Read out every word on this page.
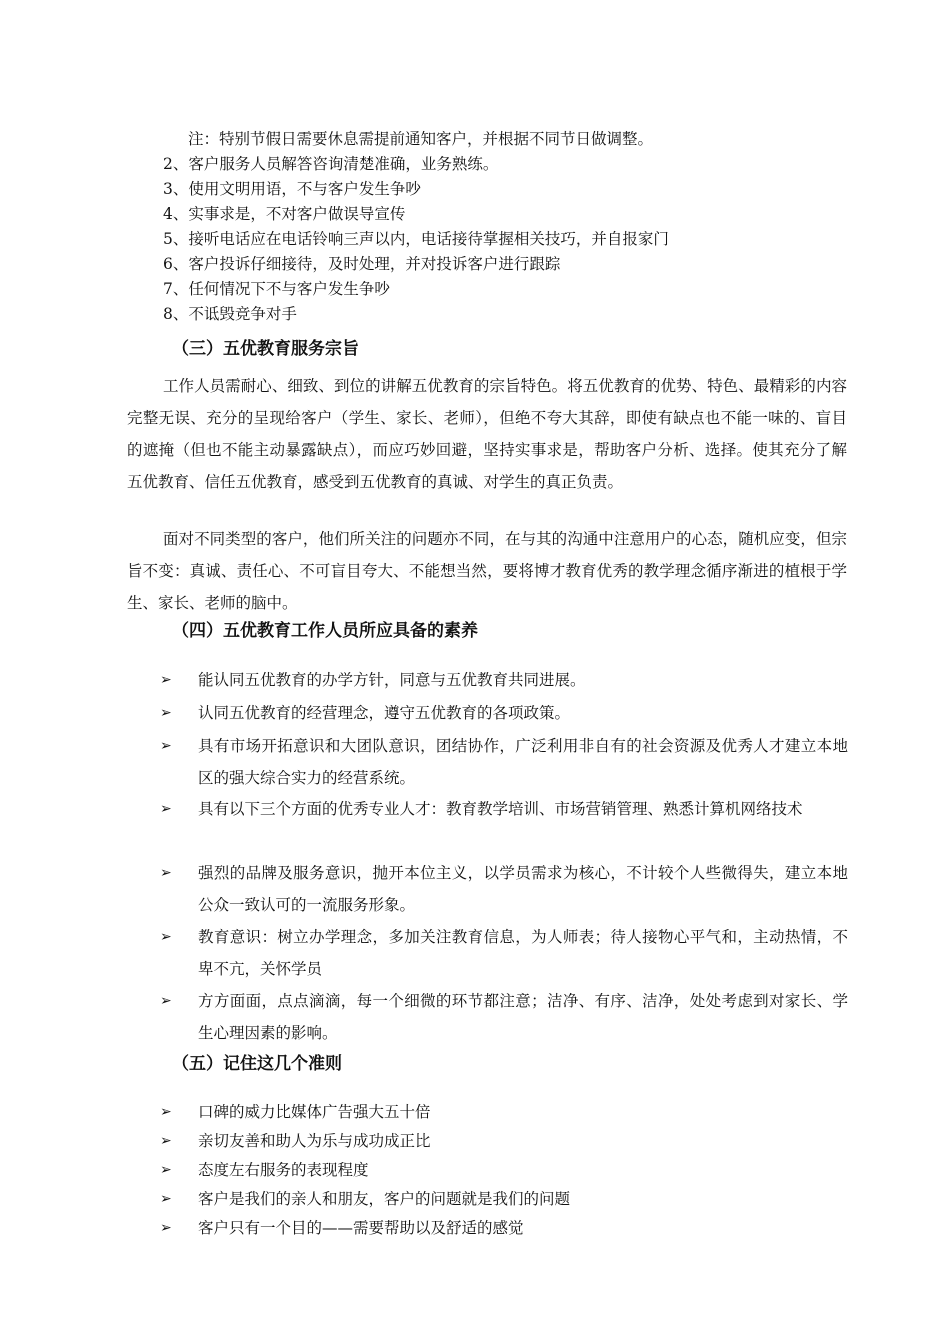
注：特别节假日需要休息需提前通知客户，并根据不同节日做调整。
2、客户服务人员解答咨询清楚准确，业务熟练。
3、使用文明用语，不与客户发生争吵
4、实事求是，不对客户做误导宣传
5、接听电话应在电话铃响三声以内，电话接待掌握相关技巧，并自报家门
6、客户投诉仔细接待，及时处理，并对投诉客户进行跟踪
7、任何情况下不与客户发生争吵
8、不诋毁竞争对手
（三）五优教育服务宗旨

工作人员需耐心、细致、到位的讲解五优教育的宗旨特色。将五优教育的优势、特色、最精彩的内容完整无误、充分的呈现给客户（学生、家长、老师），但绝不夸大其辞，即使有缺点也不能一味的、盲目的遮掩（但也不能主动暴露缺点），而应巧妙回避，坚持实事求是，帮助客户分析、选择。使其充分了解五优教育、信任五优教育，感受到五优教育的真诚、对学生的真正负责。

面对不同类型的客户，他们所关注的问题亦不同，在与其的沟通中注意用户的心态，随机应变，但宗旨不变：真诚、责任心、不可盲目夸大、不能想当然，要将博才教育优秀的教学理念循序渐进的植根于学生、家长、老师的脑中。

（四）五优教育工作人员所应具备的素养
➢ 能认同五优教育的办学方针，同意与五优教育共同进展。
➢ 认同五优教育的经营理念，遵守五优教育的各项政策。
➢ 具有市场开拓意识和大团队意识，团结协作，广泛利用非自有的社会资源及优秀人才建立本地区的强大综合实力的经营系统。
➢ 具有以下三个方面的优秀专业人才：教育教学培训、市场营销管理、熟悉计算机网络技术
➢ 强烈的品牌及服务意识，抛开本位主义，以学员需求为核心，不计较个人些微得失，建立本地公众一致认可的一流服务形象。
➢ 教育意识：树立办学理念，多加关注教育信息，为人师表；待人接物心平气和，主动热情，不卑不亢，关怀学员
➢ 方方面面，点点滴滴，每一个细微的环节都注意；洁净、有序、洁净，处处考虑到对家长、学生心理因素的影响。
（五）记住这几个准则
➢ 口碑的威力比媒体广告强大五十倍
➢ 亲切友善和助人为乐与成功成正比
➢ 态度左右服务的表现程度
➢ 客户是我们的亲人和朋友，客户的问题就是我们的问题
➢ 客户只有一个目的——需要帮助以及舒适的感觉
